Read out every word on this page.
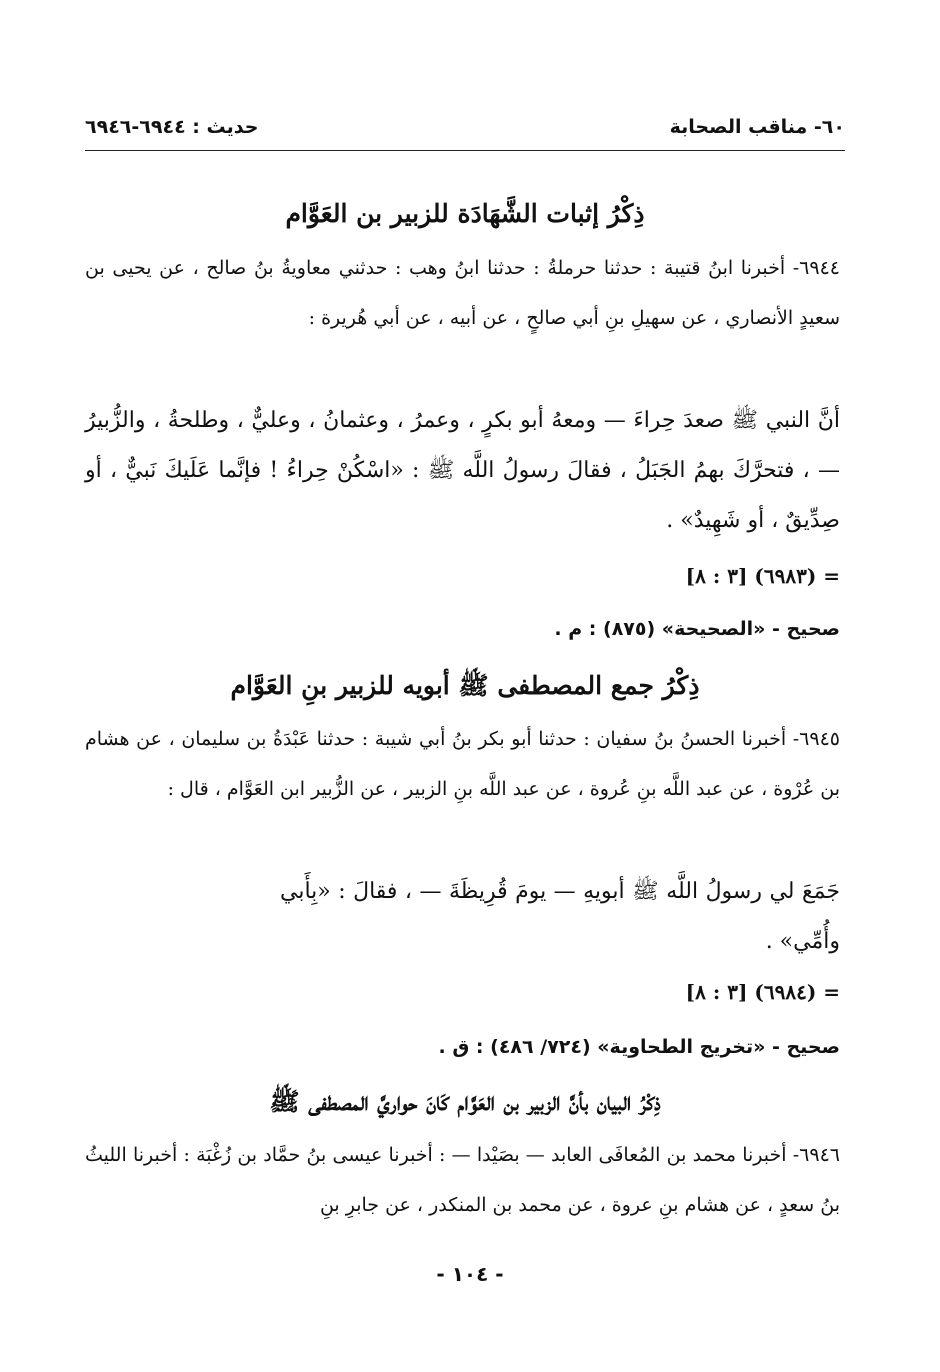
٦٠- مناقب الصحابة
حديث : ٦٩٤٤-٦٩٤٦
ذِكْرُ إثبات الشَّهَادَة للزبير بن العَوَّام
٦٩٤٤- أخبرنا ابنُ قتيبة : حدثنا حرملةُ : حدثنا ابنُ وهب : حدثني معاويةُ بنُ صالح ، عن يحيى بن سعيدٍ الأنصاري ، عن سهيلِ بنِ أبي صالحٍ ، عن أبيه ، عن أبي هُريرة :
أنَّ النبي ﷺ صعدَ حِراءَ — ومعهُ أبو بكرٍ ، وعمرُ ، وعثمانُ ، وعليٌّ ، وطلحةُ ، والزُّبيرُ — ، فتحرَّكَ بهمُ الجَبَلُ ، فقالَ رسولُ اللَّه ﷺ : «اسْكُنْ حِراءُ ! فإنَّما عَلَيكَ نَبيٌّ ، أو صِدِّيقٌ ، أو شَهِيدٌ» .
= (٦٩٨٣) [٣ : ٨]
صحيح - «الصحيحة» (٨٧٥) : م .
ذِكْرُ جمع المصطفى ﷺ أبويه للزبير بنِ العَوَّام
٦٩٤٥- أخبرنا الحسنُ بنُ سفيان : حدثنا أبو بكر بنُ أبي شيبة : حدثنا عَبْدَةُ بن سليمان ، عن هشام بن عُرْوة ، عن عبد اللَّه بنِ عُروة ، عن عبد اللَّه بنِ الزبير ، عن الزُّبير ابن العَوَّام ، قال :
جَمَعَ لي رسولُ اللَّه ﷺ أبويهِ — يومَ قُرِيظَةَ — ، فقالَ : «بِأَبي وأُمِّي» .
= (٦٩٨٤) [٣ : ٨]
صحيح - «تخريج الطحاوية» (٧٢٤/ ٤٨٦) : ق .
ذِكْرُ البيان بأنَّ الزبير بن العَوَّام كَانَ حواريَّ المصطفى ﷺ
٦٩٤٦- أخبرنا محمد بن المُعافَى العابد — بصَيْدا — : أخبرنا عيسى بنُ حمَّاد بن زُغْبَة : أخبرنا الليثُ بنُ سعدٍ ، عن هشام بنِ عروة ، عن محمد بن المنكدر ، عن جابرِ بنِ
- ١٠٤ -
